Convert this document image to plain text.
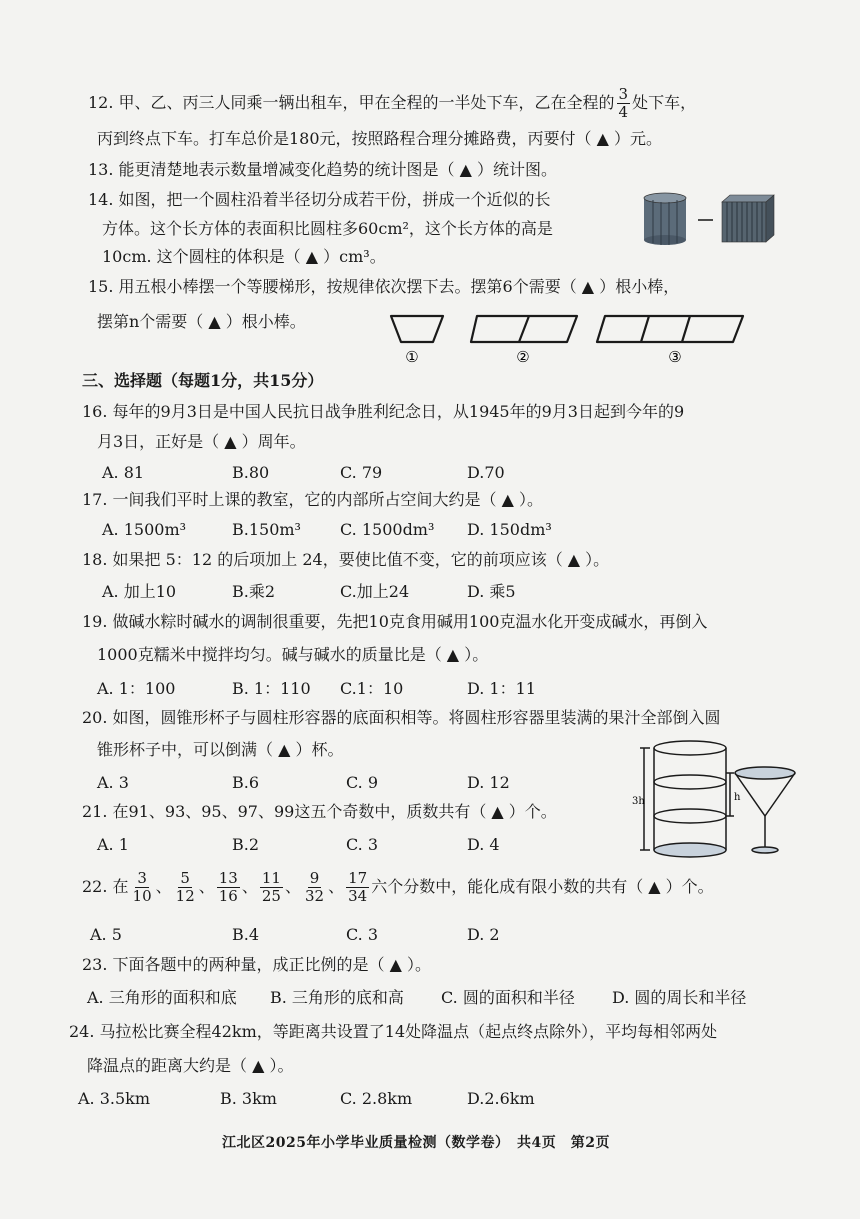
12. 甲、乙、丙三人同乘一辆出租车，甲在全程的一半处下车，乙在全程的 $\frac{3}{4}$ 处下车，
丙到终点下车。打车总价是180元，按照路程合理分摊路费，丙要付（ ▲ ）元。
13. 能更清楚地表示数量增减变化趋势的统计图是（ ▲ ）统计图。
14. 如图，把一个圆柱沿着半径切分成若干份，拼成一个近似的长
方体。这个长方体的表面积比圆柱多60cm²，这个长方体的高是
10cm. 这个圆柱的体积是（ ▲ ）cm³。
15. 用五根小棒摆一个等腰梯形，按规律依次摆下去。摆第6个需要（ ▲ ）根小棒，
摆第n个需要（ ▲ ）根小棒。
①	②	③
三、选择题（每题1分，共15分）
16. 每年的9月3日是中国人民抗日战争胜利纪念日，从1945年的9月3日起到今年的9
月3日，正好是（ ▲ ）周年。
A. 81	B.80	C. 79	D.70
17. 一间我们平时上课的教室，它的内部所占空间大约是（ ▲ ）。
A. 1500m³	B.150m³ C. 1500dm³ D. 150dm³
18. 如果把 5：12 的后项加上 24，要使比值不变，它的前项应该（ ▲ ）。
A. 加上10	B.乘2	C.加上24	D. 乘5
19. 做碱水粽时碱水的调制很重要，先把10克食用碱用100克温水化开变成碱水，再倒入
1000克糯米中搅拌均匀。碱与碱水的质量比是（ ▲ ）。
A. 1：100	B. 1：110 C.1：10	D. 1：11
20. 如图，圆锥形杯子与圆柱形容器的底面积相等。将圆柱形容器里装满的果汁全部倒入圆
锥形杯子中，可以倒满（ ▲ ）杯。
A. 3	B.6	C. 9	D. 12
3h	h
21. 在91、93、95、97、99这五个奇数中，质数共有（ ▲ ）个。
A. 1	B.2	C. 3	D. 4
22. 在 $\frac{3}{10}$ 、 $\frac{5}{12}$ 、 $\frac{13}{16}$ 、 $\frac{11}{25}$ 、 $\frac{9}{32}$ 、 $\frac{17}{34}$ 六个分数中，能化成有限小数的共有（ ▲ ）个。
A. 5	B.4	C. 3	D. 2
23. 下面各题中的两种量，成正比例的是（ ▲ ）。
A. 三角形的面积和底 B. 三角形的底和高 C. 圆的面积和半径 D. 圆的周长和半径
24. 马拉松比赛全程42km，等距离共设置了14处降温点（起点终点除外），平均每相邻两处
降温点的距离大约是（ ▲ ）。
A. 3.5km	B. 3km	C. 2.8km	D.2.6km
江北区2025年小学毕业质量检测（数学卷）　共4页　第2页
